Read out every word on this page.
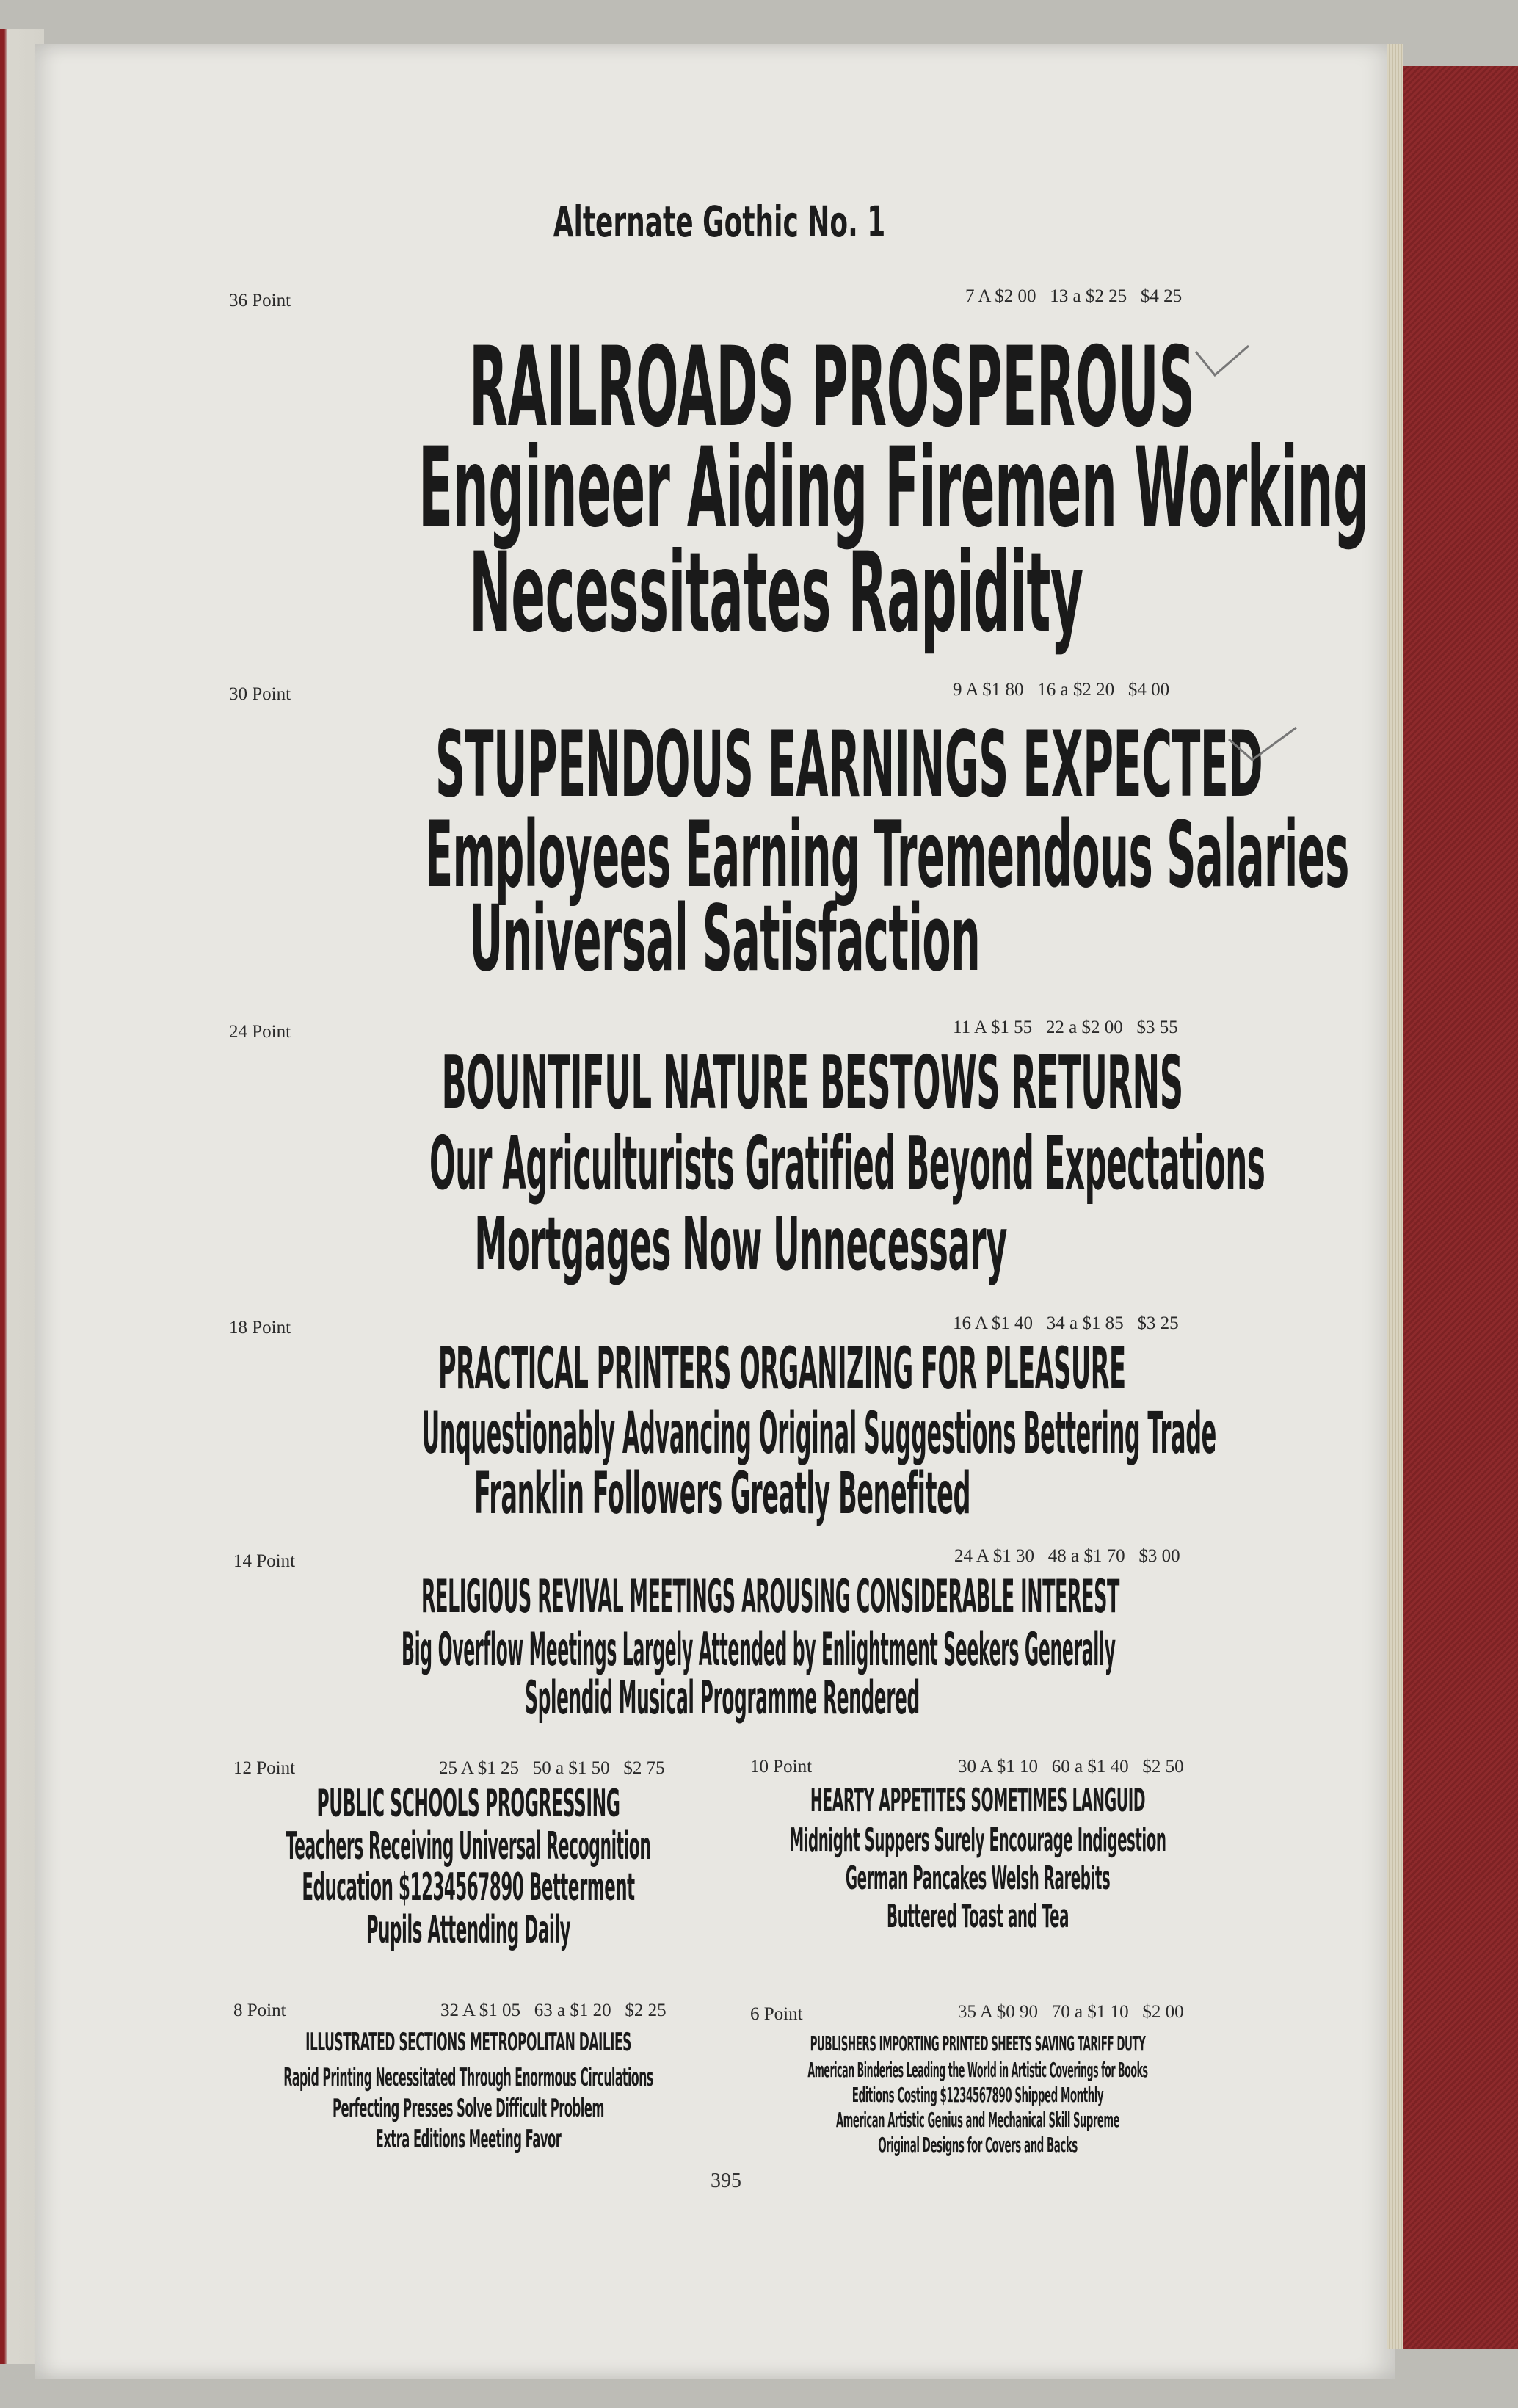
Alternate Gothic No. 1
36 Point	7 A $2 00   13 a $2 25   $4 25
RAILROADS PROSPEROUS
Engineer Aiding Firemen Working
Necessitates Rapidity
30 Point	9 A $1 80   16 a $2 20   $4 00
STUPENDOUS EARNINGS EXPECTED
Employees Earning Tremendous Salaries
Universal Satisfaction
24 Point	11 A $1 55   22 a $2 00   $3 55
BOUNTIFUL NATURE BESTOWS RETURNS
Our Agriculturists Gratified Beyond Expectations
Mortgages Now Unnecessary
18 Point	16 A $1 40   34 a $1 85   $3 25
PRACTICAL PRINTERS ORGANIZING FOR PLEASURE
Unquestionably Advancing Original Suggestions Bettering Trade
Franklin Followers Greatly Benefited
14 Point	24 A $1 30   48 a $1 70   $3 00
RELIGIOUS REVIVAL MEETINGS AROUSING CONSIDERABLE INTEREST
Big Overflow Meetings Largely Attended by Enlightment Seekers Generally
Splendid Musical Programme Rendered
12 Point	25 A $1 25   50 a $1 50   $2 75
PUBLIC SCHOOLS PROGRESSING
Teachers Receiving Universal Recognition
Education $1234567890 Betterment
Pupils Attending Daily
10 Point	30 A $1 10   60 a $1 40   $2 50
HEARTY APPETITES SOMETIMES LANGUID
Midnight Suppers Surely Encourage Indigestion
German Pancakes Welsh Rarebits
Buttered Toast and Tea
8 Point	32 A $1 05   63 a $1 20   $2 25
ILLUSTRATED SECTIONS METROPOLITAN DAILIES
Rapid Printing Necessitated Through Enormous Circulations
Perfecting Presses Solve Difficult Problem
Extra Editions Meeting Favor
6 Point	35 A $0 90   70 a $1 10   $2 00
PUBLISHERS IMPORTING PRINTED SHEETS SAVING TARIFF DUTY
American Binderies Leading the World in Artistic Coverings for Books
Editions Costing $1234567890 Shipped Monthly
American Artistic Genius and Mechanical Skill Supreme
Original Designs for Covers and Backs
395
